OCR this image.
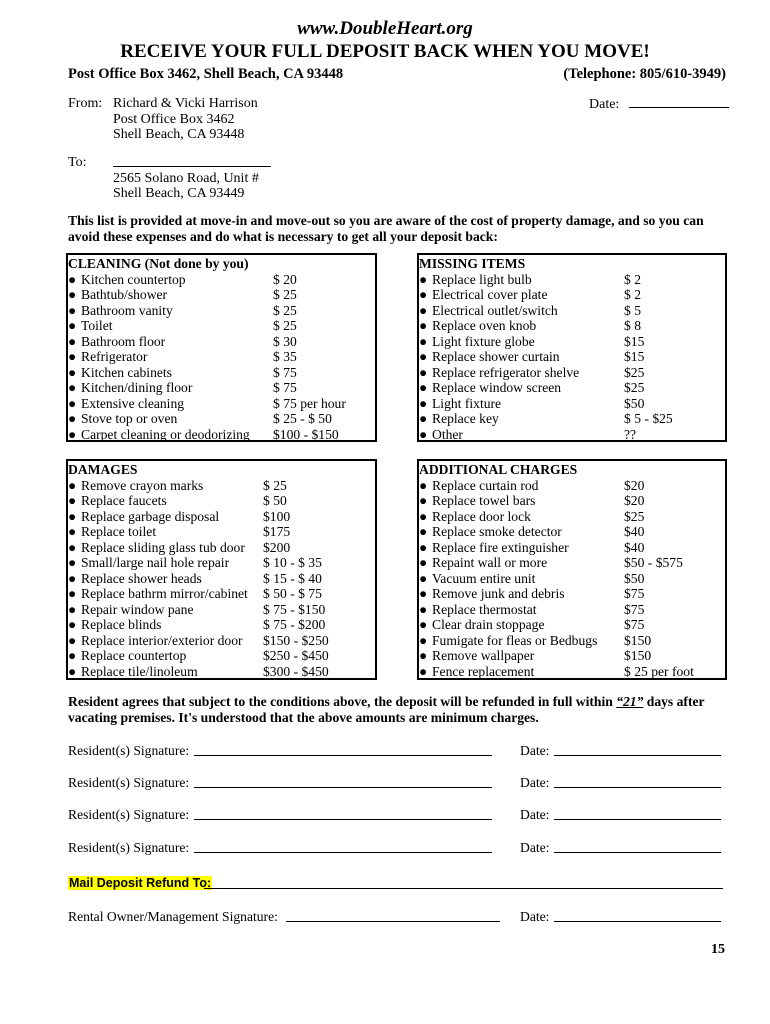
www.DoubleHeart.org
RECEIVE YOUR FULL DEPOSIT BACK WHEN YOU MOVE!
Post Office Box 3462, Shell Beach, CA 93448	(Telephone: 805/610-3949)
From: Richard & Vicki Harrison
Post Office Box 3462
Shell Beach, CA 93448
Date:
To:
2565 Solano Road, Unit #
Shell Beach, CA 93449
This list is provided at move-in and move-out so you are aware of the cost of property damage, and so you can avoid these expenses and do what is necessary to get all your deposit back:
CLEANING (Not done by you)
● Kitchen countertop	$ 20
● Bathtub/shower	$ 25
● Bathroom vanity	$ 25
● Toilet	$ 25
● Bathroom floor	$ 30
● Refrigerator	$ 35
● Kitchen cabinets	$ 75
● Kitchen/dining floor	$ 75
● Extensive cleaning	$ 75 per hour
● Stove top or oven	$ 25 - $ 50
● Carpet cleaning or deodorizing $100 - $150
MISSING ITEMS
● Replace light bulb	$ 2
● Electrical cover plate	$ 2
● Electrical outlet/switch	$ 5
● Replace oven knob	$ 8
● Light fixture globe	$15
● Replace shower curtain	$15
● Replace refrigerator shelve	$25
● Replace window screen	$25
● Light fixture	$50
● Replace key	$ 5 - $25
● Other	??
DAMAGES
● Remove crayon marks	$ 25
● Replace faucets	$ 50
● Replace garbage disposal	$100
● Replace toilet	$175
● Replace sliding glass tub door $200
● Small/large nail hole repair $ 10 - $ 35
● Replace shower heads	$ 15 - $ 40
● Replace bathrm mirror/cabinet $ 50 - $ 75
● Repair window pane	$ 75 - $150
● Replace blinds	$ 75 - $200
● Replace interior/exterior door $150 - $250
● Replace countertop	$250 - $450
● Replace tile/linoleum	$300 - $450
ADDITIONAL CHARGES
● Replace curtain rod	$20
● Replace towel bars	$20
● Replace door lock	$25
● Replace smoke detector	$40
● Replace fire extinguisher	$40
● Repaint wall or more	$50 - $575
● Vacuum entire unit	$50
● Remove junk and debris	$75
● Replace thermostat	$75
● Clear drain stoppage	$75
● Fumigate for fleas or Bedbugs $150
● Remove wallpaper	$150
● Fence replacement	$ 25 per foot
Resident agrees that subject to the conditions above, the deposit will be refunded in full within “21” days after vacating premises. It's understood that the above amounts are minimum charges.
Resident(s) Signature:	Date:
Resident(s) Signature:	Date:
Resident(s) Signature:	Date:
Resident(s) Signature:	Date:
Mail Deposit Refund To:
Rental Owner/Management Signature:	Date:
15
